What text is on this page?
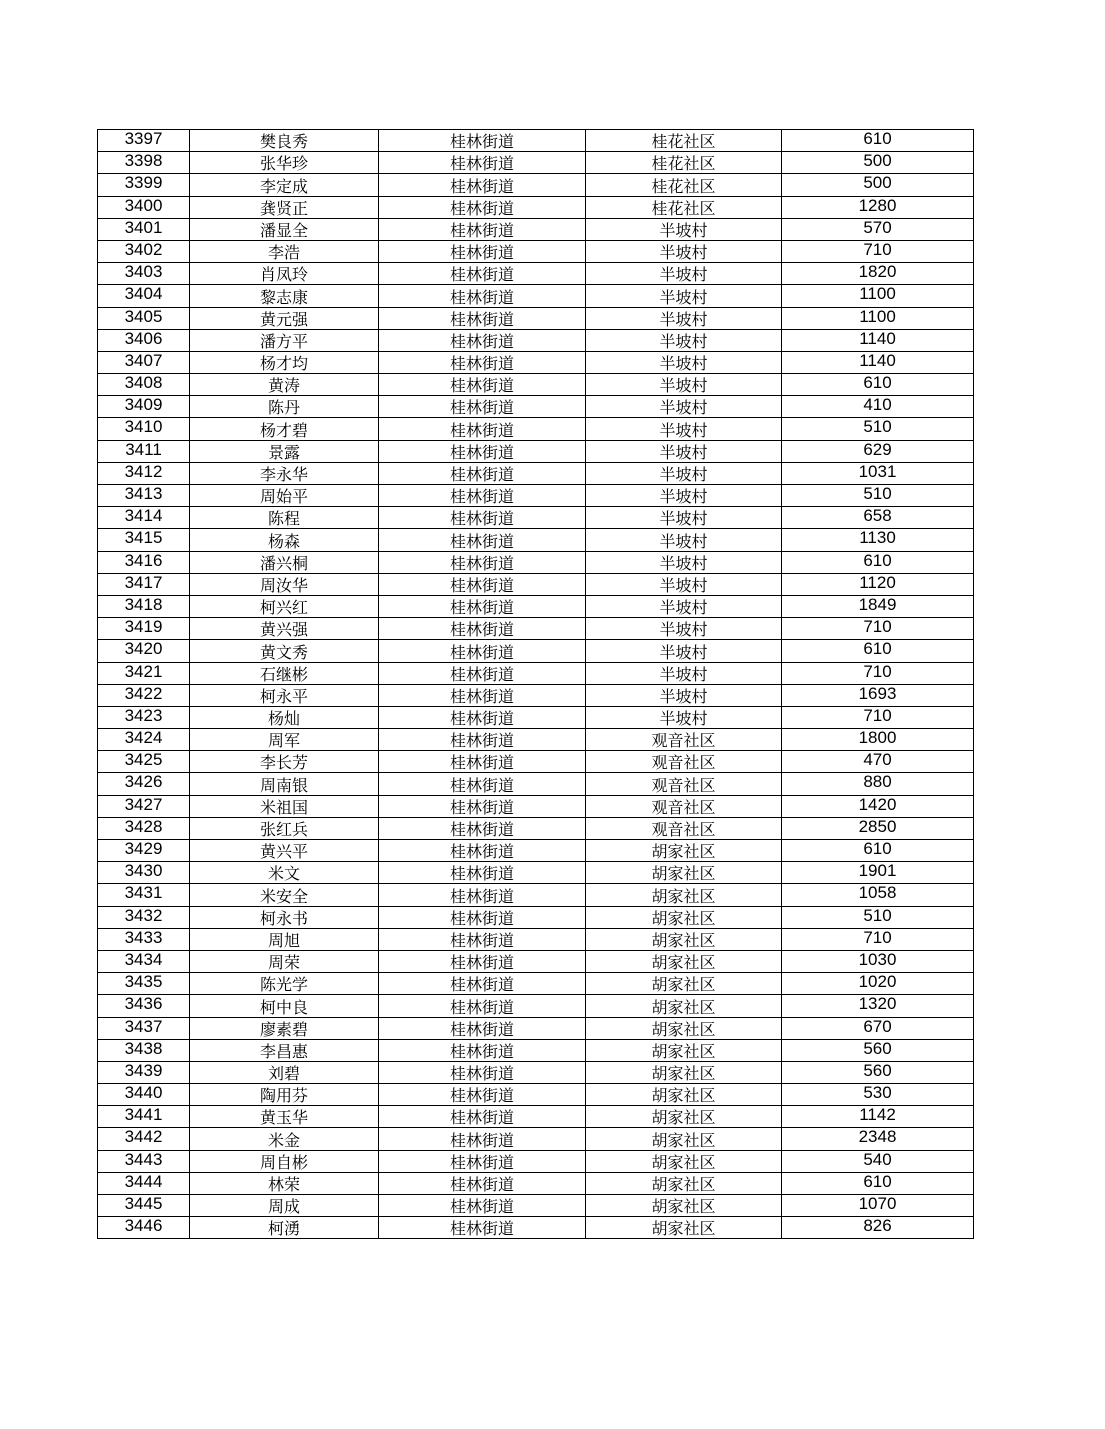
3397	樊良秀	桂林街道	桂花社区	610
3398	张华珍	桂林街道	桂花社区	500
3399	李定成	桂林街道	桂花社区	500
3400	龚贤正	桂林街道	桂花社区	1280
3401	潘显全	桂林街道	半坡村	570
3402	李浩	桂林街道	半坡村	710
3403	肖凤玲	桂林街道	半坡村	1820
3404	黎志康	桂林街道	半坡村	1100
3405	黄元强	桂林街道	半坡村	1100
3406	潘方平	桂林街道	半坡村	1140
3407	杨才均	桂林街道	半坡村	1140
3408	黄涛	桂林街道	半坡村	610
3409	陈丹	桂林街道	半坡村	410
3410	杨才碧	桂林街道	半坡村	510
3411	景露	桂林街道	半坡村	629
3412	李永华	桂林街道	半坡村	1031
3413	周始平	桂林街道	半坡村	510
3414	陈程	桂林街道	半坡村	658
3415	杨森	桂林街道	半坡村	1130
3416	潘兴桐	桂林街道	半坡村	610
3417	周汝华	桂林街道	半坡村	1120
3418	柯兴红	桂林街道	半坡村	1849
3419	黄兴强	桂林街道	半坡村	710
3420	黄文秀	桂林街道	半坡村	610
3421	石继彬	桂林街道	半坡村	710
3422	柯永平	桂林街道	半坡村	1693
3423	杨灿	桂林街道	半坡村	710
3424	周军	桂林街道	观音社区	1800
3425	李长芳	桂林街道	观音社区	470
3426	周南银	桂林街道	观音社区	880
3427	米祖国	桂林街道	观音社区	1420
3428	张红兵	桂林街道	观音社区	2850
3429	黄兴平	桂林街道	胡家社区	610
3430	米文	桂林街道	胡家社区	1901
3431	米安全	桂林街道	胡家社区	1058
3432	柯永书	桂林街道	胡家社区	510
3433	周旭	桂林街道	胡家社区	710
3434	周荣	桂林街道	胡家社区	1030
3435	陈光学	桂林街道	胡家社区	1020
3436	柯中良	桂林街道	胡家社区	1320
3437	廖素碧	桂林街道	胡家社区	670
3438	李昌惠	桂林街道	胡家社区	560
3439	刘碧	桂林街道	胡家社区	560
3440	陶用芬	桂林街道	胡家社区	530
3441	黄玉华	桂林街道	胡家社区	1142
3442	米金	桂林街道	胡家社区	2348
3443	周自彬	桂林街道	胡家社区	540
3444	林荣	桂林街道	胡家社区	610
3445	周成	桂林街道	胡家社区	1070
3446	柯湧	桂林街道	胡家社区	826
